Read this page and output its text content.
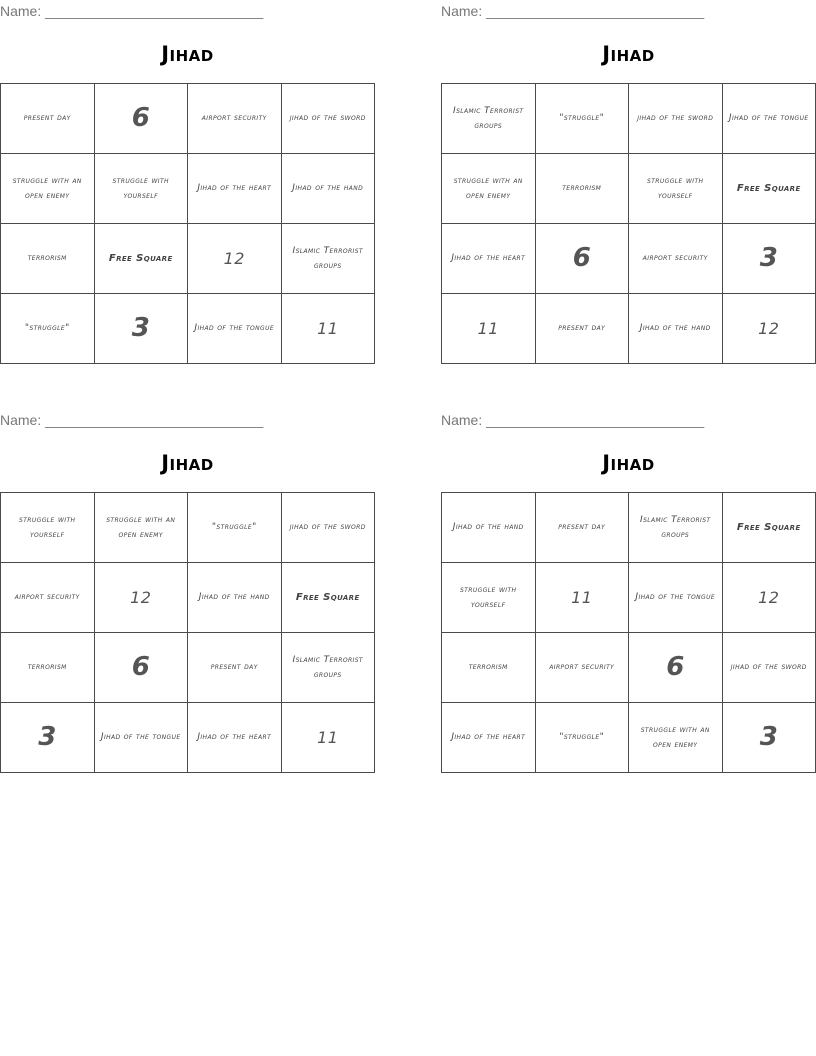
Name: ____________________________
Jihad
present day	6	airport security	jihad of the sword
struggle with an open enemy	struggle with yourself	Jihad of the heart	Jihad of the hand
terrorism	Free Square	12	Islamic Terrorist groups
"struggle"	3	Jihad of the tongue	11
Name: ____________________________
Jihad
Islamic Terrorist groups	"struggle"	jihad of the sword	Jihad of the tongue
struggle with an open enemy	terrorism	struggle with yourself	Free Square
Jihad of the heart	6	airport security	3
11	present day	Jihad of the hand	12
Name: ____________________________
Jihad
struggle with yourself	struggle with an open enemy	"struggle"	jihad of the sword
airport security	12	Jihad of the hand	Free Square
terrorism	6	present day	Islamic Terrorist groups
3	Jihad of the tongue	Jihad of the heart	11
Name: ____________________________
Jihad
Jihad of the hand	present day	Islamic Terrorist groups	Free Square
struggle with yourself	11	Jihad of the tongue	12
terrorism	airport security	6	jihad of the sword
Jihad of the heart	"struggle"	struggle with an open enemy	3
